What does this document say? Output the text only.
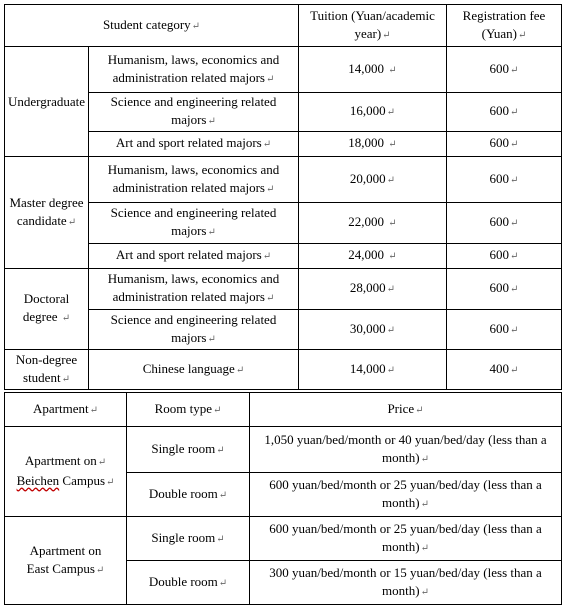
Student category↵		Tuition (Yuan/academic year)↵	Registration fee (Yuan)↵
Undergraduate	Humanism, laws, economics and administration related majors↵	14,000 ↵	600↵
	Science and engineering related majors↵	16,000↵	600↵
	Art and sport related majors↵	18,000 ↵	600↵
Master degree candidate↵	Humanism, laws, economics and administration related majors↵	20,000↵	600↵
	Science and engineering related majors↵	22,000 ↵	600↵
	Art and sport related majors↵	24,000 ↵	600↵
Doctoral degree ↵	Humanism, laws, economics and administration related majors↵	28,000↵	600↵
	Science and engineering related majors↵	30,000↵	600↵
Non-degree student↵	Chinese language↵	14,000↵	400↵
Apartment↵	Room type↵	Price↵
Apartment on↵
Beichen Campus↵	Single room↵	1,050 yuan/bed/month or 40 yuan/bed/day (less than a month)↵
	Double room↵	600 yuan/bed/month or 25 yuan/bed/day (less than a month)↵
Apartment on
East Campus↵	Single room↵	600 yuan/bed/month or 25 yuan/bed/day (less than a month)↵
	Double room↵	300 yuan/bed/month or 15 yuan/bed/day (less than a month)↵
